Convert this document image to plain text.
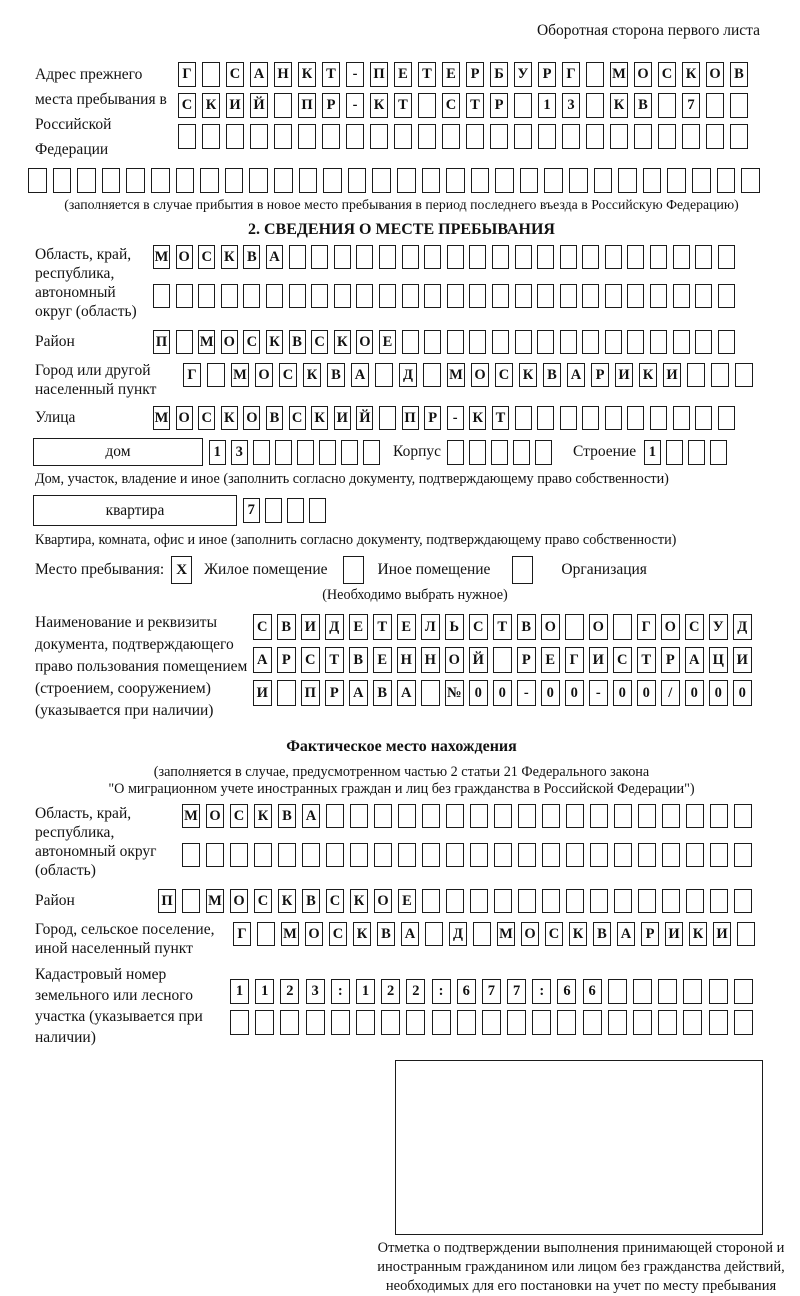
Оборотная сторона первого листа
Адрес прежнего места пребывания в Российской Федерации
Г	С А Н К Т	-	П Е Т Е	Р	Б У Р	Г	М О С К О В
С К И Й	П Р	-	К Т	С Т	Р	1	3	К В	7
(заполняется в случае прибытия в новое место пребывания в период последнего въезда в Российскую Федерацию)
2. СВЕДЕНИЯ О МЕСТЕ ПРЕБЫВАНИЯ
Область, край, республика, автономный округ (область)
М О С К В А
Район	П М О С К В С К О Е
Город или другой населенный пункт
Г	М О С К В А	Д М О С К В А Р И К И
Улица	М О С К О В С К И Й П Р	-	К Т
дом	1	3	Корпус	Строение 1
Дом, участок, владение и иное (заполнить согласно документу, подтверждающему право собственности)
квартира	7
Квартира, комната, офис и иное (заполнить согласно документу, подтверждающему право собственности)
Место пребывания: X	Жилое помещение	Иное помещение	Организация
(Необходимо выбрать нужное)
Наименование и реквизиты документа, подтверждающего право пользования помещением (строением, сооружением) (указывается при наличии)
С В И Д Е Т Е Л Ь С Т В О	О	Г О С У Д
А Р С Т В Е Н Н О Й	Р	Е	Г И С Т	Р А Ц И
И	П Р А В А № 0	0	-	0	0	-	0	0	/	0	0	0
Фактическое место нахождения
(заполняется в случае, предусмотренном частью 2 статьи 21 Федерального закона
"О миграционном учете иностранных граждан и лиц без гражданства в Российской Федерации")
Область, край, республика, автономный округ (область)
М О С К В А
Район	П М О С К В С К О Е
Город, сельское поселение, иной населенный пункт
Г	М О С К В А	Д М О С К В А Р И К И
Кадастровый номер земельного или лесного участка (указывается при наличии)
1	1	2	3	:	1	2	2	:	6	7	7	:	6	6
Отметка о подтверждении выполнения принимающей стороной и иностранным гражданином или лицом без гражданства действий, необходимых для его постановки на учет по месту пребывания
